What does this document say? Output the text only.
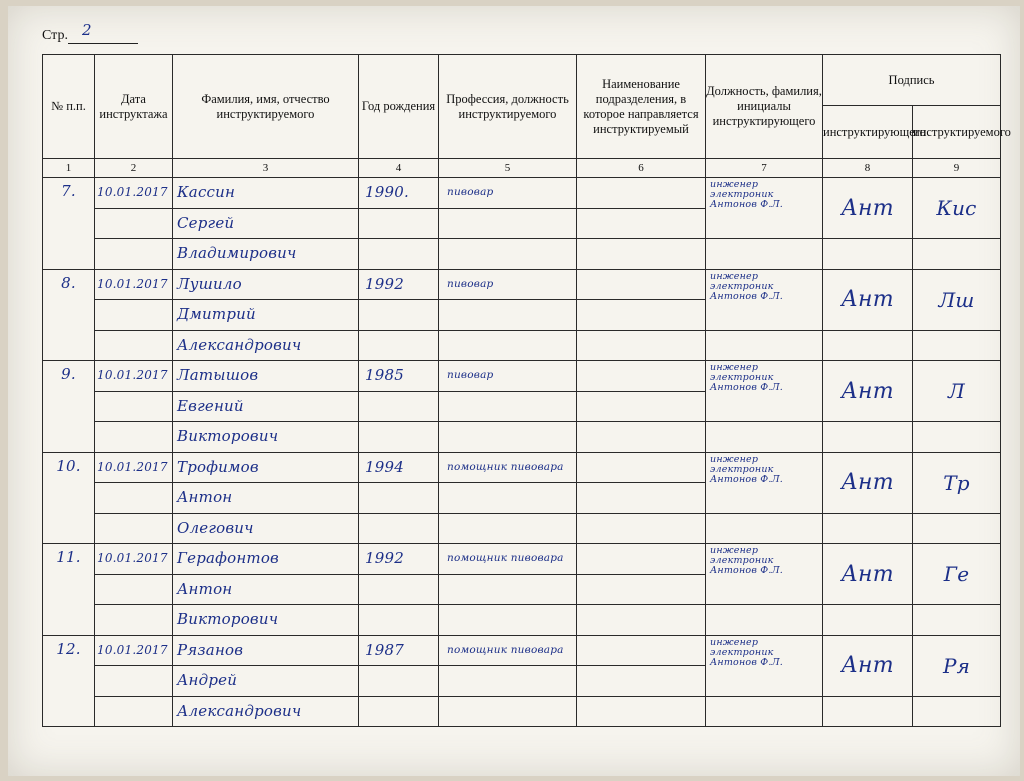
Стр. 2
№ п.п.	Дата инструктажа	Фамилия, имя, отчество инструктируемого	Год рождения	Профессия, должность инструктируемого	Наименование подразделения, в которое направляется инструктируемый	Должность, фамилия, инициалы инструктирующего	Подпись	
							инструктирующего	инструктируемого
1	2	3	4	5	6	7	8	9
7.	10.01.2017	Кассин	1990.	пивовар		инженер
электроник
Антонов Ф.Л.	Ант	Кис

		Сергей						
		Владимирович						
8.	10.01.2017	Лушило	1992	пивовар		инженер
электроник
Антонов Ф.Л.	Ант	Лш

		Дмитрий						
		Александрович						
9.	10.01.2017	Латышов	1985	пивовар		инженер
электроник
Антонов Ф.Л.	Ант	Л

		Евгений						
		Викторович						
10.	10.01.2017	Трофимов	1994	помощник пивовара		инженер
электроник
Антонов Ф.Л.	Ант	Тр

		Антон						
		Олегович						
11.	10.01.2017	Герафонтов	1992	помощник пивовара		инженер
электроник
Антонов Ф.Л.	Ант	Ге

		Антон						
		Викторович						
12.	10.01.2017	Рязанов	1987	помощник пивовара		инженер
электроник
Антонов Ф.Л.	Ант	Ря

		Андрей						
		Александрович						
